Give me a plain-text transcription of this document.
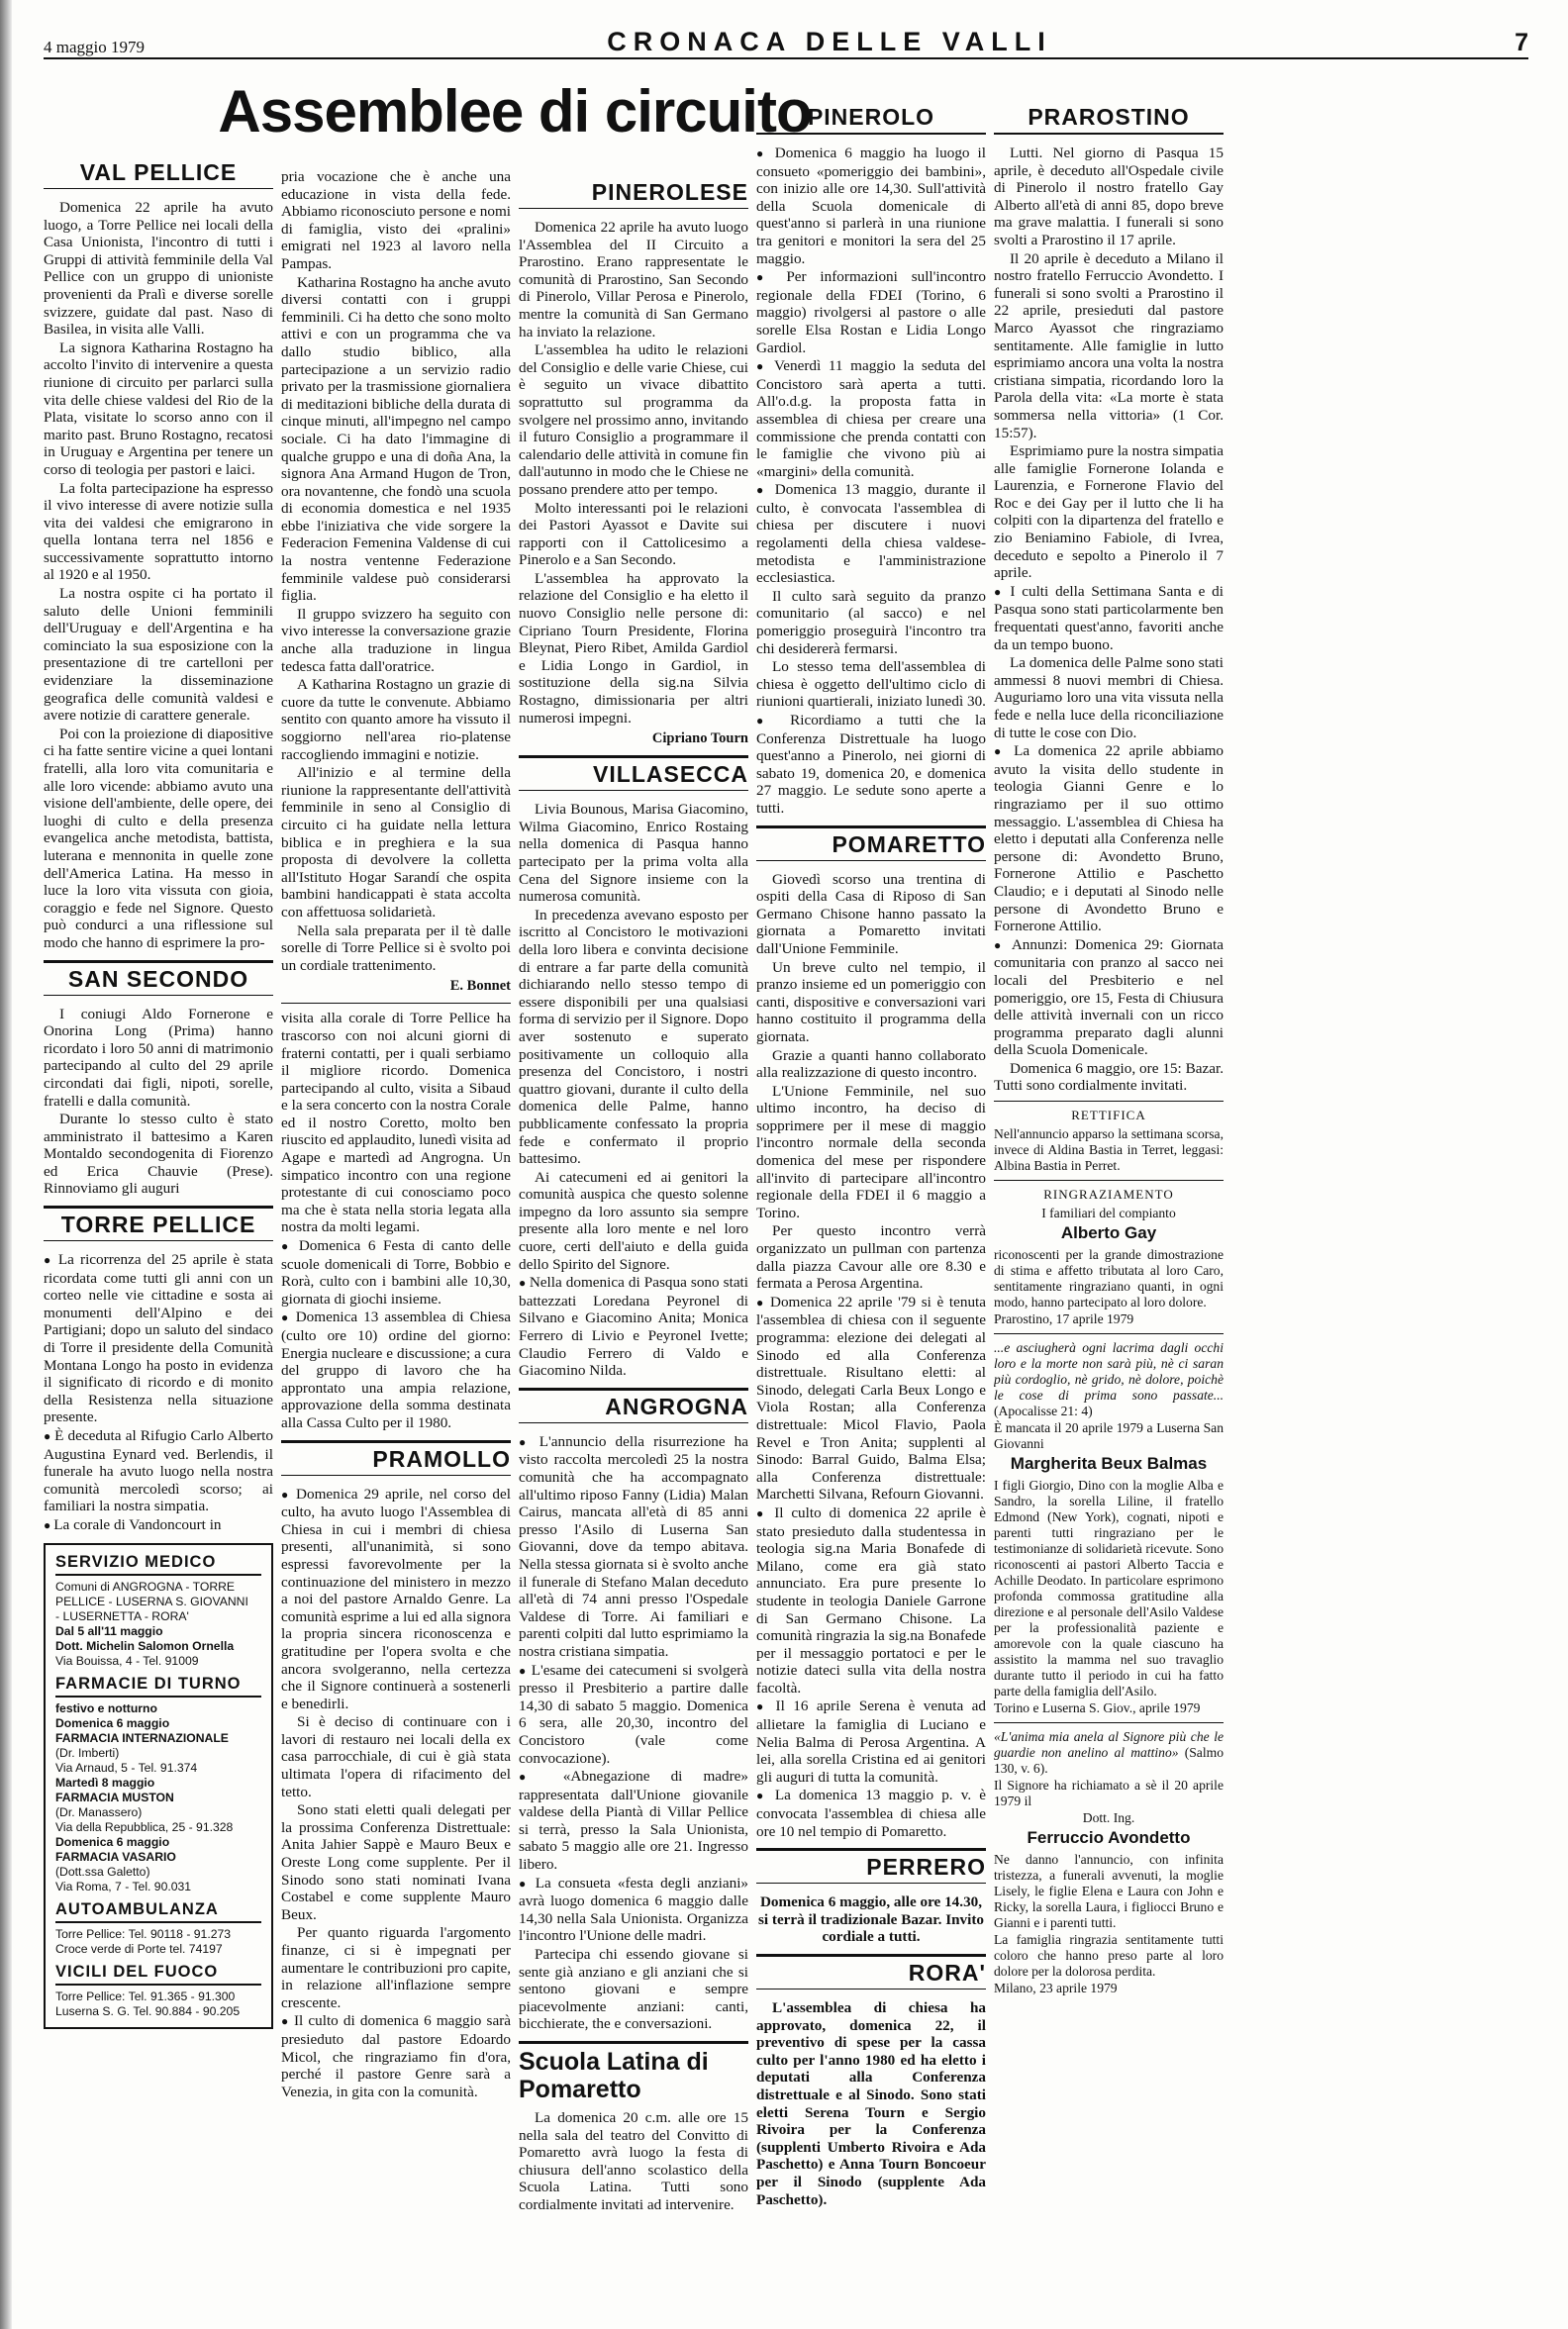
4 maggio 1979	CRONACA DELLE VALLI	7
Assemblee di circuito
VAL PELLICE

Domenica 22 aprile ha avuto luogo, a Torre Pellice nei locali della Casa Unionista, l'incontro di tutti i Gruppi di attività femminile della Val Pellice con un gruppo di unioniste provenienti da Pralì e diverse sorelle svizzere, guidate dal past. Naso di Basilea, in visita alle Valli.

La signora Katharina Rostagno ha accolto l'invito di intervenire a questa riunione di circuito per parlarci sulla vita delle chiese valdesi del Rio de la Plata, visitate lo scorso anno con il marito past. Bruno Rostagno, recatosi in Uruguay e Argentina per tenere un corso di teologia per pastori e laici.

La folta partecipazione ha espresso il vivo interesse di avere notizie sulla vita dei valdesi che emigrarono in quella lontana terra nel 1856 e successivamente soprattutto intorno al 1920 e al 1950.

La nostra ospite ci ha portato il saluto delle Unioni femminili dell'Uruguay e dell'Argentina e ha cominciato la sua esposizione con la presentazione di tre cartelloni per evidenziare la disseminazione geografica delle comunità valdesi e avere notizie di carattere generale.

Poi con la proiezione di diapositive ci ha fatte sentire vicine a quei lontani fratelli, alla loro vita comunitaria e alle loro vicende: abbiamo avuto una visione dell'ambiente, delle opere, dei luoghi di culto e della presenza evangelica anche metodista, battista, luterana e mennonita in quelle zone dell'America Latina. Ha messo in luce la loro vita vissuta con gioia, coraggio e fede nel Signore. Questo può condurci a una riflessione sul modo che hanno di esprimere la pro-

SAN SECONDO

I coniugi Aldo Fornerone e Onorina Long (Prima) hanno ricordato i loro 50 anni di matrimonio partecipando al culto del 29 aprile circondati dai figli, nipoti, sorelle, fratelli e dalla comunità.

Durante lo stesso culto è stato amministrato il battesimo a Karen Montaldo secondogenita di Fiorenzo ed Erica Chauvie (Prese). Rinnoviamo gli auguri

TORRE PELLICE

● La ricorrenza del 25 aprile è stata ricordata come tutti gli anni con un corteo nelle vie cittadine e sosta ai monumenti dell'Alpino e dei Partigiani; dopo un saluto del sindaco di Torre il presidente della Comunità Montana Longo ha posto in evidenza il significato di ricordo e di monito della Resistenza nella situazione presente.

● È deceduta al Rifugio Carlo Alberto Augustina Eynard ved. Berlendis, il funerale ha avuto luogo nella nostra comunità mercoledì scorso; ai familiari la nostra simpatia.

● La corale di Vandoncourt in

SERVIZIO MEDICO
Comuni di ANGROGNA - TORRE
PELLICE - LUSERNA S. GIOVANNI
- LUSERNETTA - RORA'
Dal 5 all'11 maggio
Dott. Michelin Salomon Ornella
Via Bouissa, 4 - Tel. 91009
FARMACIE DI TURNO
festivo e notturno
Domenica 6 maggio
FARMACIA INTERNAZIONALE
(Dr. Imberti)
Via Arnaud, 5 - Tel. 91.374
Martedì 8 maggio
FARMACIA MUSTON
(Dr. Manassero)
Via della Repubblica, 25 - 91.328
Domenica 6 maggio
FARMACIA VASARIO
(Dott.ssa Galetto)
Via Roma, 7 - Tel. 90.031
AUTOAMBULANZA
Torre Pellice: Tel. 90118 - 91.273
Croce verde di Porte tel. 74197
VICILI DEL FUOCO
Torre Pellice: Tel. 91.365 - 91.300
Luserna S. G. Tel. 90.884 - 90.205

pria vocazione che è anche una educazione in vista della fede. Abbiamo riconosciuto persone e nomi di famiglia, visto dei «pralini» emigrati nel 1923 al lavoro nella Pampas.

Katharina Rostagno ha anche avuto diversi contatti con i gruppi femminili. Ci ha detto che sono molto attivi e con un programma che va dallo studio biblico, alla partecipazione a un servizio radio privato per la trasmissione giornaliera di meditazioni bibliche della durata di cinque minuti, all'impegno nel campo sociale. Ci ha dato l'immagine di qualche gruppo e una di doña Ana, la signora Ana Armand Hugon de Tron, ora novantenne, che fondò una scuola di economia domestica e nel 1935 ebbe l'iniziativa che vide sorgere la Federacion Femenina Valdense di cui la nostra ventenne Federazione femminile valdese può considerarsi figlia.

Il gruppo svizzero ha seguito con vivo interesse la conversazione grazie anche alla traduzione in lingua tedesca fatta dall'oratrice.

A Katharina Rostagno un grazie di cuore da tutte le convenute. Abbiamo sentito con quanto amore ha vissuto il soggiorno nell'area rio-platense raccogliendo immagini e notizie.

All'inizio e al termine della riunione la rappresentante dell'attività femminile in seno al Consiglio di circuito ci ha guidate nella lettura biblica e in preghiera e la sua proposta di devolvere la colletta all'Istituto Hogar Sarandí che ospita bambini handicappati è stata accolta con affettuosa solidarietà.

Nella sala preparata per il tè dalle sorelle di Torre Pellice si è svolto poi un cordiale trattenimento.

E. Bonnet

visita alla corale di Torre Pellice ha trascorso con noi alcuni giorni di fraterni contatti, per i quali serbiamo il migliore ricordo. Domenica partecipando al culto, visita a Sibaud e la sera concerto con la nostra Corale ed il nostro Coretto, molto ben riuscito ed applaudito, lunedì visita ad Agape e martedì ad Angrogna. Un simpatico incontro con una regione protestante di cui conosciamo poco ma che è stata nella storia legata alla nostra da molti legami.

● Domenica 6 Festa di canto delle scuole domenicali di Torre, Bobbio e Rorà, culto con i bambini alle 10,30, giornata di giochi insieme.

● Domenica 13 assemblea di Chiesa (culto ore 10) ordine del giorno: Energia nucleare e discussione; a cura del gruppo di lavoro che ha approntato una ampia relazione, approvazione della somma destinata alla Cassa Culto per il 1980.

PRAMOLLO

● Domenica 29 aprile, nel corso del culto, ha avuto luogo l'Assemblea di Chiesa in cui i membri di chiesa presenti, all'unanimità, si sono espressi favorevolmente per la continuazione del ministero in mezzo a noi del pastore Arnaldo Genre. La comunità esprime a lui ed alla signora la propria sincera riconoscenza e gratitudine per l'opera svolta e che ancora svolgeranno, nella certezza che il Signore continuerà a sostenerli e benedirli.

Si è deciso di continuare con i lavori di restauro nei locali della ex casa parrocchiale, di cui è già stata ultimata l'opera di rifacimento del tetto.

Sono stati eletti quali delegati per la prossima Conferenza Distrettuale: Anita Jahier Sappè e Mauro Beux e Oreste Long come supplente. Per il Sinodo sono stati nominati Ivana Costabel e come supplente Mauro Beux.

Per quanto riguarda l'argomento finanze, ci si è impegnati per aumentare le contribuzioni pro capite, in relazione all'inflazione sempre crescente.

● Il culto di domenica 6 maggio sarà presieduto dal pastore Edoardo Micol, che ringraziamo fin d'ora, perché il pastore Genre sarà a Venezia, in gita con la comunità.

PINEROLESE

Domenica 22 aprile ha avuto luogo l'Assemblea del II Circuito a Prarostino. Erano rappresentate le comunità di Prarostino, San Secondo di Pinerolo, Villar Perosa e Pinerolo, mentre la comunità di San Germano ha inviato la relazione.

L'assemblea ha udito le relazioni del Consiglio e delle varie Chiese, cui è seguito un vivace dibattito soprattutto sul programma da svolgere nel prossimo anno, invitando il futuro Consiglio a programmare il calendario delle attività in comune fin dall'autunno in modo che le Chiese ne possano prendere atto per tempo.

Molto interessanti poi le relazioni dei Pastori Ayassot e Davite sui rapporti con il Cattolicesimo a Pinerolo e a San Secondo.

L'assemblea ha approvato la relazione del Consiglio e ha eletto il nuovo Consiglio nelle persone di: Cipriano Tourn Presidente, Florina Bleynat, Piero Ribet, Amilda Gardiol e Lidia Longo in Gardiol, in sostituzione della sig.na Silvia Rostagno, dimissionaria per altri numerosi impegni.

Cipriano Tourn
VILLASECCA

Livia Bounous, Marisa Giacomino, Wilma Giacomino, Enrico Rostaing nella domenica di Pasqua hanno partecipato per la prima volta alla Cena del Signore insieme con la numerosa comunità.

In precedenza avevano esposto per iscritto al Concistoro le motivazioni della loro libera e convinta decisione di entrare a far parte della comunità dichiarando nello stesso tempo di essere disponibili per una qualsiasi forma di servizio per il Signore. Dopo aver sostenuto e superato positivamente un colloquio alla presenza del Concistoro, i nostri quattro giovani, durante il culto della domenica delle Palme, hanno pubblicamente confessato la propria fede e confermato il proprio battesimo.

Ai catecumeni ed ai genitori la comunità auspica che questo solenne impegno da loro assunto sia sempre presente alla loro mente e nel loro cuore, certi dell'aiuto e della guida dello Spirito del Signore.

● Nella domenica di Pasqua sono stati battezzati Loredana Peyronel di Silvano e Giacomino Anita; Monica Ferrero di Livio e Peyronel Ivette; Claudio Ferrero di Valdo e Giacomino Nilda.

ANGROGNA

● L'annuncio della risurrezione ha visto raccolta mercoledì 25 la nostra comunità che ha accompagnato all'ultimo riposo Fanny (Lidia) Malan Cairus, mancata all'età di 85 anni presso l'Asilo di Luserna San Giovanni, dove da tempo abitava. Nella stessa giornata si è svolto anche il funerale di Stefano Malan deceduto all'età di 74 anni presso l'Ospedale Valdese di Torre. Ai familiari e parenti colpiti dal lutto esprimiamo la nostra cristiana simpatia.

● L'esame dei catecumeni si svolgerà presso il Presbiterio a partire dalle 14,30 di sabato 5 maggio. Domenica 6 sera, alle 20,30, incontro del Concistoro (vale come convocazione).

● «Abnegazione di madre» rappresentata dall'Unione giovanile valdese della Piantà di Villar Pellice si terrà, presso la Sala Unionista, sabato 5 maggio alle ore 21. Ingresso libero.

● La consueta «festa degli anziani» avrà luogo domenica 6 maggio dalle 14,30 nella Sala Unionista. Organizza l'incontro l'Unione delle madri.

Partecipa chi essendo giovane si sente già anziano e gli anziani che si sentono giovani e sempre piacevolmente anziani: canti, bicchierate, the e conversazioni.

Scuola Latina di Pomaretto

La domenica 20 c.m. alle ore 15 nella sala del teatro del Convitto di Pomaretto avrà luogo la festa di chiusura dell'anno scolastico della Scuola Latina. Tutti sono cordialmente invitati ad intervenire.

PINEROLO

● Domenica 6 maggio ha luogo il consueto «pomeriggio dei bambini», con inizio alle ore 14,30. Sull'attività della Scuola domenicale di quest'anno si parlerà in una riunione tra genitori e monitori la sera del 25 maggio.

● Per informazioni sull'incontro regionale della FDEI (Torino, 6 maggio) rivolgersi al pastore o alle sorelle Elsa Rostan e Lidia Longo Gardiol.

● Venerdì 11 maggio la seduta del Concistoro sarà aperta a tutti. All'o.d.g. la proposta fatta in assemblea di chiesa per creare una commissione che prenda contatti con le famiglie che vivono più ai «margini» della comunità.

● Domenica 13 maggio, durante il culto, è convocata l'assemblea di chiesa per discutere i nuovi regolamenti della chiesa valdese-metodista e l'amministrazione ecclesiastica.

Il culto sarà seguito da pranzo comunitario (al sacco) e nel pomeriggio proseguirà l'incontro tra chi desidererà fermarsi.

Lo stesso tema dell'assemblea di chiesa è oggetto dell'ultimo ciclo di riunioni quartierali, iniziato lunedì 30.

● Ricordiamo a tutti che la Conferenza Distrettuale ha luogo quest'anno a Pinerolo, nei giorni di sabato 19, domenica 20, e domenica 27 maggio. Le sedute sono aperte a tutti.

POMARETTO

Giovedì scorso una trentina di ospiti della Casa di Riposo di San Germano Chisone hanno passato la giornata a Pomaretto invitati dall'Unione Femminile.

Un breve culto nel tempio, il pranzo insieme ed un pomeriggio con canti, dispositive e conversazioni vari hanno costituito il programma della giornata.

Grazie a quanti hanno collaborato alla realizzazione di questo incontro.

L'Unione Femminile, nel suo ultimo incontro, ha deciso di sopprimere per il mese di maggio l'incontro normale della seconda domenica del mese per rispondere all'invito di partecipare all'incontro regionale della FDEI il 6 maggio a Torino.

Per questo incontro verrà organizzato un pullman con partenza dalla piazza Cavour alle ore 8.30 e fermata a Perosa Argentina.

● Domenica 22 aprile '79 si è tenuta l'assemblea di chiesa con il seguente programma: elezione dei delegati al Sinodo ed alla Conferenza distrettuale. Risultano eletti: al Sinodo, delegati Carla Beux Longo e Viola Rostan; alla Conferenza distrettuale: Micol Flavio, Paola Revel e Tron Anita; supplenti al Sinodo: Barral Guido, Balma Elsa; alla Conferenza distrettuale: Marchetti Silvana, Refourn Giovanni.

● Il culto di domenica 22 aprile è stato presieduto dalla studentessa in teologia sig.na Maria Bonafede di Milano, come era già stato annunciato. Era pure presente lo studente in teologia Daniele Garrone di San Germano Chisone. La comunità ringrazia la sig.na Bonafede per il messaggio portatoci e per le notizie dateci sulla vita della nostra facoltà.

● Il 16 aprile Serena è venuta ad allietare la famiglia di Luciano e Nelia Balma di Perosa Argentina. A lei, alla sorella Cristina ed ai genitori gli auguri di tutta la comunità.

● La domenica 13 maggio p. v. è convocata l'assemblea di chiesa alle ore 10 nel tempio di Pomaretto.

PERRERO

Domenica 6 maggio, alle ore 14.30, si terrà il tradizionale Bazar. Invito cordiale a tutti.

RORA'

L'assemblea di chiesa ha approvato, domenica 22, il preventivo di spese per la cassa culto per l'anno 1980 ed ha eletto i deputati alla Conferenza distrettuale e al Sinodo. Sono stati eletti Serena Tourn e Sergio Rivoira per la Conferenza (supplenti Umberto Rivoira e Ada Paschetto) e Anna Tourn Boncoeur per il Sinodo (supplente Ada Paschetto).

PRAROSTINO

Lutti. Nel giorno di Pasqua 15 aprile, è deceduto all'Ospedale civile di Pinerolo il nostro fratello Gay Alberto all'età di anni 85, dopo breve ma grave malattia. I funerali si sono svolti a Prarostino il 17 aprile.

Il 20 aprile è deceduto a Milano il nostro fratello Ferruccio Avondetto. I funerali si sono svolti a Prarostino il 22 aprile, presieduti dal pastore Marco Ayassot che ringraziamo sentitamente. Alle famiglie in lutto esprimiamo ancora una volta la nostra cristiana simpatia, ricordando loro la Parola della vita: «La morte è stata sommersa nella vittoria» (1 Cor. 15:57).

Esprimiamo pure la nostra simpatia alle famiglie Fornerone Iolanda e Laurenzia, e Fornerone Flavio del Roc e dei Gay per il lutto che li ha colpiti con la dipartenza del fratello e zio Beniamino Fabiole, di Ivrea, deceduto e sepolto a Pinerolo il 7 aprile.

● I culti della Settimana Santa e di Pasqua sono stati particolarmente ben frequentati quest'anno, favoriti anche da un tempo buono.

La domenica delle Palme sono stati ammessi 8 nuovi membri di Chiesa. Auguriamo loro una vita vissuta nella fede e nella luce della riconciliazione di tutte le cose con Dio.

● La domenica 22 aprile abbiamo avuto la visita dello studente in teologia Gianni Genre e lo ringraziamo per il suo ottimo messaggio. L'assemblea di Chiesa ha eletto i deputati alla Conferenza nelle persone di: Avondetto Bruno, Fornerone Attilio e Paschetto Claudio; e i deputati al Sinodo nelle persone di Avondetto Bruno e Fornerone Attilio.

● Annunzi: Domenica 29: Giornata comunitaria con pranzo al sacco nei locali del Presbiterio e nel pomeriggio, ore 15, Festa di Chiusura delle attività invernali con un ricco programma preparato dagli alunni della Scuola Domenicale.

Domenica 6 maggio, ore 15: Bazar. Tutti sono cordialmente invitati.

RETTIFICA

Nell'annuncio apparso la settimana scorsa, invece di Aldina Bastia in Terret, leggasi: Albina Bastia in Perret.

RINGRAZIAMENTO

I familiari del compianto

Alberto Gay

riconoscenti per la grande dimostrazione di stima e affetto tributata al loro Caro, sentitamente ringraziano quanti, in ogni modo, hanno partecipato al loro dolore.

Prarostino, 17 aprile 1979

...e asciugherà ogni lacrima dagli occhi loro e la morte non sarà più, nè ci saran più cordoglio, nè grido, nè dolore, poichè le cose di prima sono passate... (Apocalisse 21: 4)

È mancata il 20 aprile 1979 a Luserna San Giovanni

Margherita Beux Balmas

I figli Giorgio, Dino con la moglie Alba e Sandro, la sorella Liline, il fratello Edmond (New York), cognati, nipoti e parenti tutti ringraziano per le testimonianze di solidarietà ricevute. Sono riconoscenti ai pastori Alberto Taccia e Achille Deodato. In particolare esprimono profonda commossa gratitudine alla direzione e al personale dell'Asilo Valdese per la professionalità paziente e amorevole con la quale ciascuno ha assistito la mamma nel suo travaglio durante tutto il periodo in cui ha fatto parte della famiglia dell'Asilo.

Torino e Luserna S. Giov., aprile 1979

«L'anima mia anela al Signore più che le guardie non anelino al mattino» (Salmo 130, v. 6).

Il Signore ha richiamato a sè il 20 aprile 1979 il

Dott. Ing.

Ferruccio Avondetto

Ne danno l'annuncio, con infinita tristezza, a funerali avvenuti, la moglie Lisely, le figlie Elena e Laura con John e Ricky, la sorella Laura, i figliocci Bruno e Gianni e i parenti tutti.

La famiglia ringrazia sentitamente tutti coloro che hanno preso parte al loro dolore per la dolorosa perdita.

Milano, 23 aprile 1979
